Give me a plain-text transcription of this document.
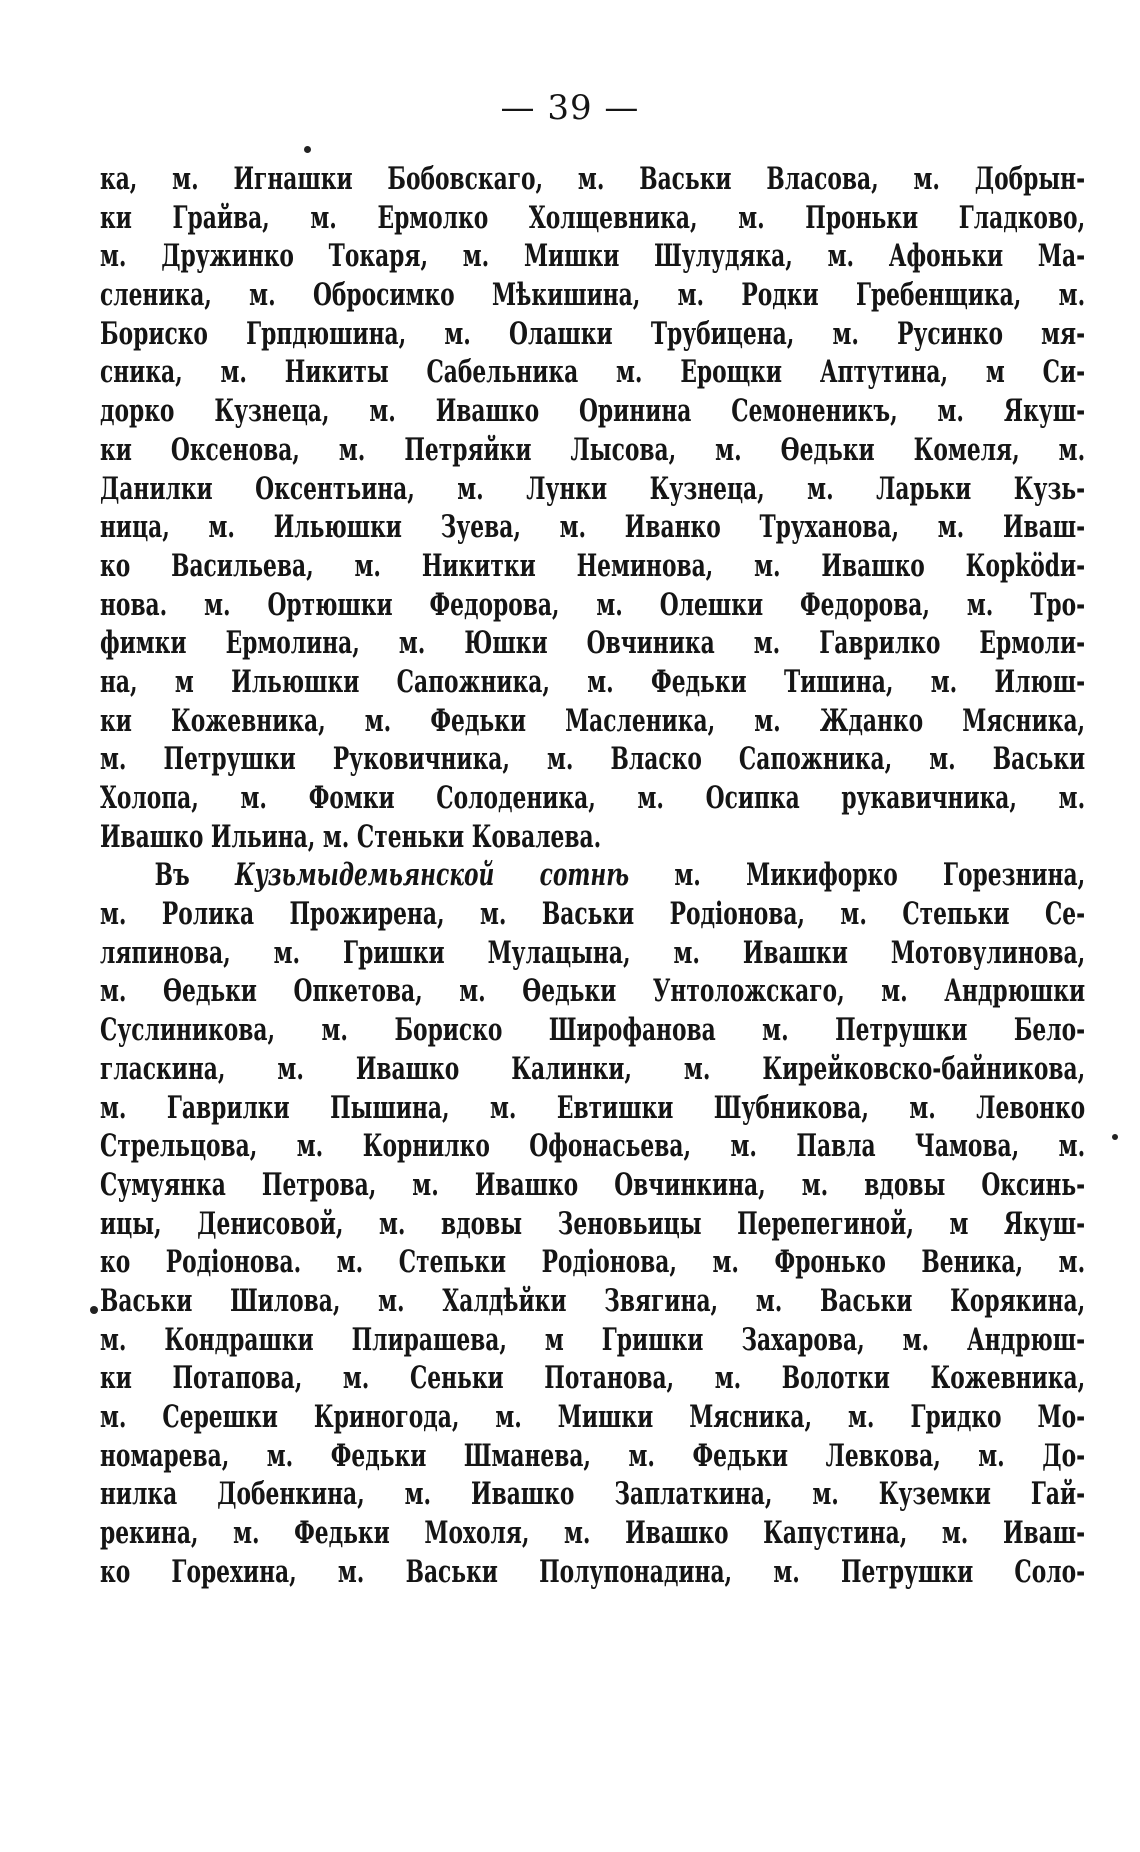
— 39 —
ка, м. Игнашки Бобовскаго, м. Васьки Власова, м. Добрын-
ки Грайва, м. Ермолко Холщевника, м. Проньки Гладково,
м. Дружинко Токаря, м. Мишки Шулудяка, м. Афоньки Ма-
сленика, м. Обросимко Мѣкишина, м. Родки Гребенщика, м.
Бориско Грпдюшина, м. Олашки Трубицена, м. Русинко мя-
сника, м. Никиты Сабельника м. Ерощки Аптутина, м Си-
дорко Кузнеца, м. Ивашко Оринина Семоненикъ, м. Якуш-
ки Оксенова, м. Петряйки Лысова, м. Ѳедьки Комеля, м.
Данилки Оксентьина, м. Лунки Кузнеца, м. Ларьки Кузь-
ница, м. Ильюшки Зуева, м. Иванко Труханова, м. Иваш-
ко Васильева, м. Никитки Неминова, м. Ивашко Корködи-
нова. м. Ортюшки Федорова, м. Олешки Федорова, м. Тро-
фимки Ермолина, м. Юшки Овчиника м. Гаврилко Ермоли-
на, м Ильюшки Сапожника, м. Федьки Тишина, м. Илюш-
ки Кожевника, м. Федьки Масленика, м. Жданко Мясника,
м. Петрушки Руковичника, м. Власко Сапожника, м. Васьки
Холопа, м. Фомки Солоденика, м. Осипка рукавичника, м.
Ивашко Ильина, м. Стеньки Ковалева.
Въ Кузьмыдемьянской сотнѣ м. Микифорко Горезнина,
м. Ролика Прожирена, м. Васьки Родіонова, м. Степьки Се-
ляпинова, м. Гришки Мулацына, м. Ивашки Мотовулинова,
м. Ѳедьки Опкетова, м. Ѳедьки Унтоложскаго, м. Андрюшки
Суслиникова, м. Бориско Широфанова м. Петрушки Бело-
гласкина, м. Ивашко Калинки, м. Кирейковско-байникова,
м. Гаврилки Пышина, м. Евтишки Шубникова, м. Левонко
Стрельцова, м. Корнилко Офонасьева, м. Павла Чамова, м.
Сумуянка Петрова, м. Ивашко Овчинкина, м. вдовы Оксинь-
ицы, Денисовой, м. вдовы Зеновьицы Перепегиной, м Якуш-
ко Родіонова. м. Степьки Родіонова, м. Фронько Веника, м.
Васьки Шилова, м. Халдѣйки Звягина, м. Васьки Корякина,
м. Кондрашки Плирашева, м Гришки Захарова, м. Андрюш-
ки Потапова, м. Сеньки Потанова, м. Волотки Кожевника,
м. Серешки Криногода, м. Мишки Мясника, м. Гридко Мо-
номарева, м. Федьки Шманева, м. Федьки Левкова, м. До-
нилка Добенкина, м. Ивашко Заплаткина, м. Куземки Гай-
рекина, м. Федьки Мохоля, м. Ивашко Капустина, м. Иваш-
ко Горехина, м. Васьки Полупонадина, м. Петрушки Соло-
